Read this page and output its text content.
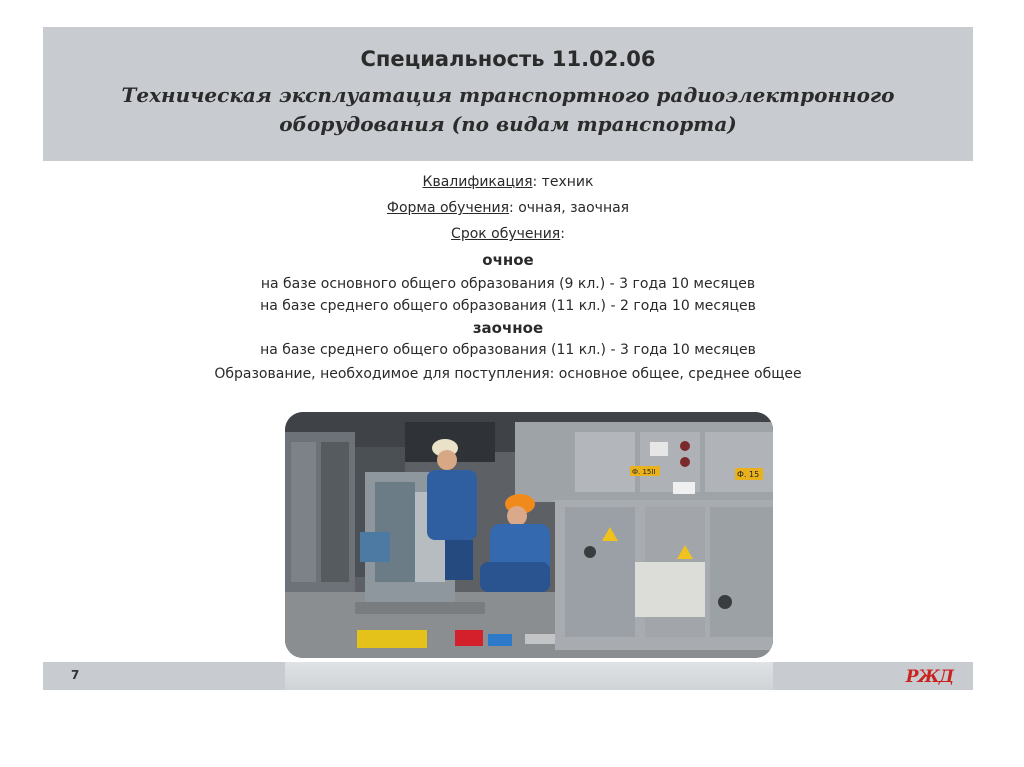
Специальность 11.02.06
Техническая эксплуатация транспортного радиоэлектронного
оборудования (по видам транспорта)
Квалификация: техник
Форма обучения: очная, заочная
Срок обучения:
очное
на базе основного общего образования (9 кл.) - 3 года 10 месяцев
на базе среднего общего образования (11 кл.) - 2 года 10 месяцев
заочное
на базе среднего общего образования (11 кл.) - 3 года 10 месяцев
Образование, необходимое для поступления: основное общее, среднее общее
Ф. 15II	Ф. 15
7	РЖД
